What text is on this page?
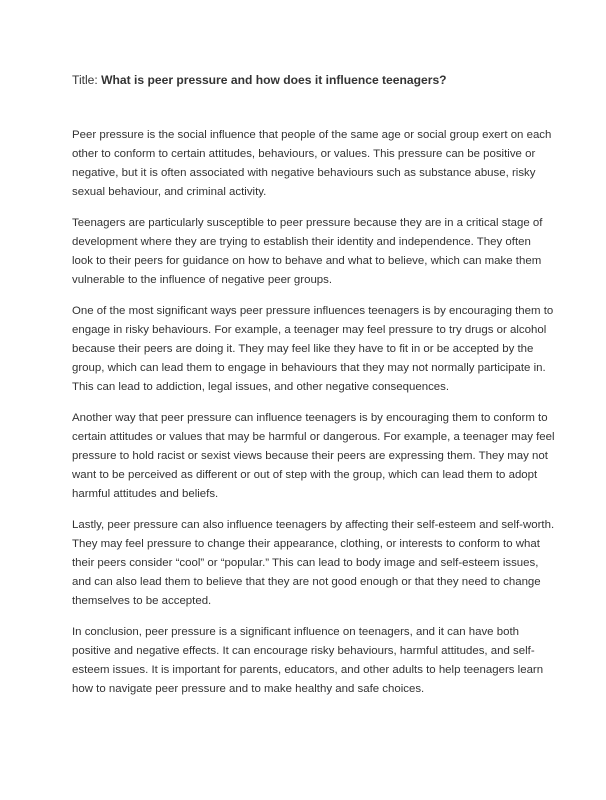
Title: What is peer pressure and how does it influence teenagers?

Peer pressure is the social influence that people of the same age or social group exert on each
other to conform to certain attitudes, behaviours, or values. This pressure can be positive or
negative, but it is often associated with negative behaviours such as substance abuse, risky
sexual behaviour, and criminal activity.

Teenagers are particularly susceptible to peer pressure because they are in a critical stage of
development where they are trying to establish their identity and independence. They often
look to their peers for guidance on how to behave and what to believe, which can make them
vulnerable to the influence of negative peer groups.

One of the most significant ways peer pressure influences teenagers is by encouraging them to
engage in risky behaviours. For example, a teenager may feel pressure to try drugs or alcohol
because their peers are doing it. They may feel like they have to fit in or be accepted by the
group, which can lead them to engage in behaviours that they may not normally participate in.
This can lead to addiction, legal issues, and other negative consequences.

Another way that peer pressure can influence teenagers is by encouraging them to conform to
certain attitudes or values that may be harmful or dangerous. For example, a teenager may feel
pressure to hold racist or sexist views because their peers are expressing them. They may not
want to be perceived as different or out of step with the group, which can lead them to adopt
harmful attitudes and beliefs.

Lastly, peer pressure can also influence teenagers by affecting their self-esteem and self-worth.
They may feel pressure to change their appearance, clothing, or interests to conform to what
their peers consider “cool” or “popular.” This can lead to body image and self-esteem issues,
and can also lead them to believe that they are not good enough or that they need to change
themselves to be accepted.

In conclusion, peer pressure is a significant influence on teenagers, and it can have both
positive and negative effects. It can encourage risky behaviours, harmful attitudes, and self-
esteem issues. It is important for parents, educators, and other adults to help teenagers learn
how to navigate peer pressure and to make healthy and safe choices.
